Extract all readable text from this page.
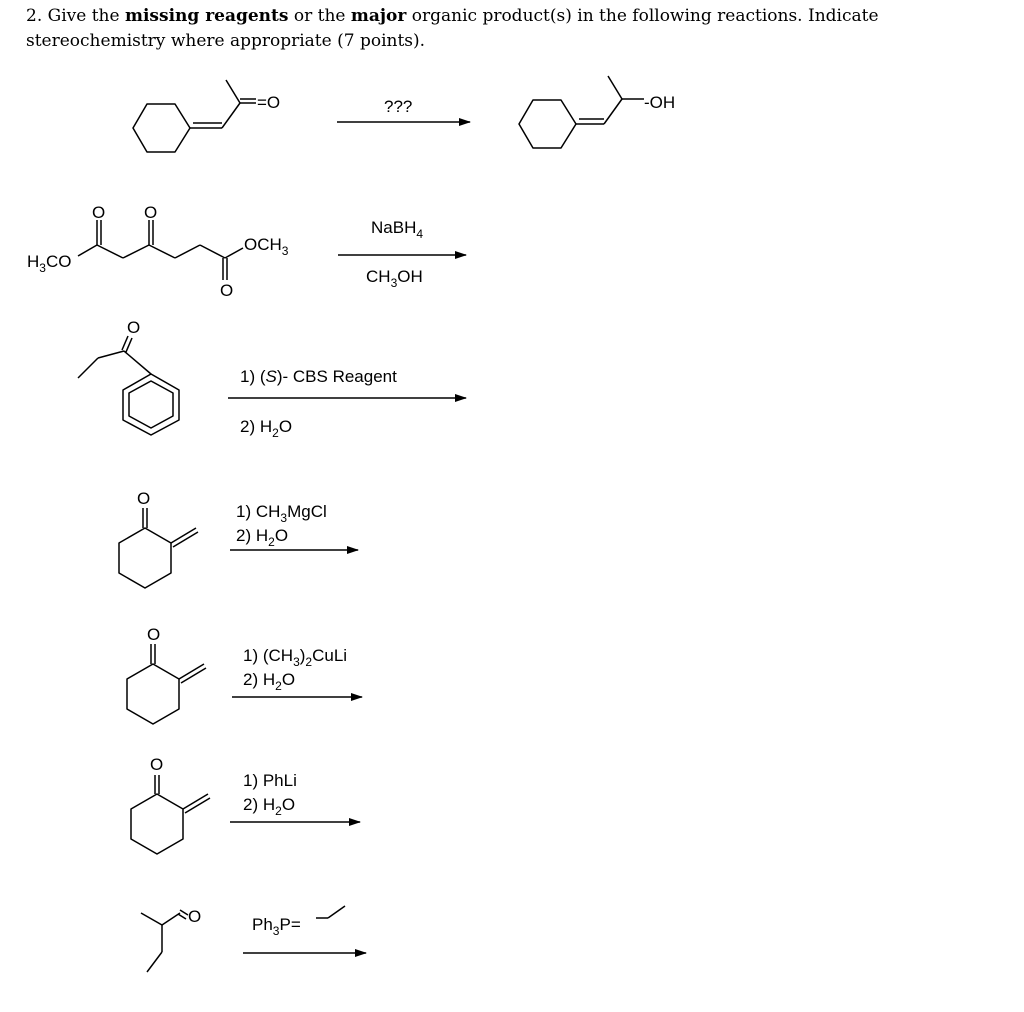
2. Give the missing reagents or the major organic product(s) in the following reactions. Indicate stereochemistry where appropriate (7 points).
=O	???	-OH
$H_3CO$
O O
O
$OCH_3$
NaBH$_4$
$CH_3OH$
O
1) (S)- CBS Reagent
2) $H_2O$
O
1) $CH_3MgCl$
2) $H_2O$
O
1) $(CH_3)_2CuLi$
2) $H_2O$
O
1) PhLi
2) $H_2O$
O	$Ph_3P=$
